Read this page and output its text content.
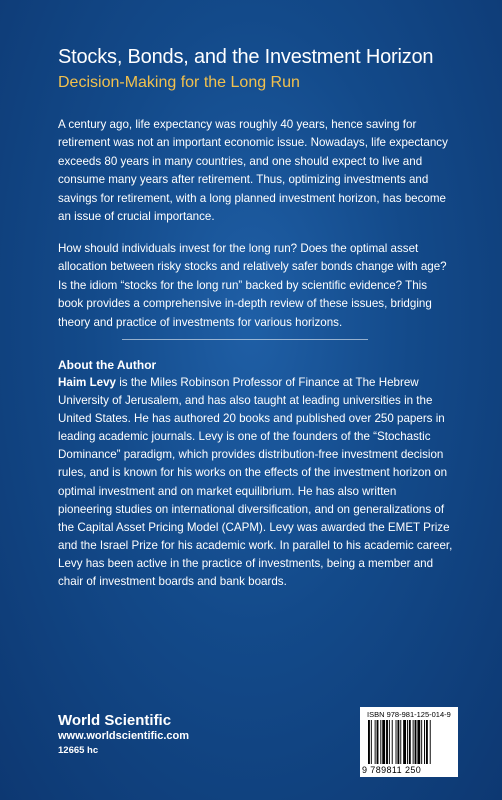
Stocks, Bonds, and the Investment Horizon
Decision-Making for the Long Run

A century ago, life expectancy was roughly 40 years, hence saving for retirement was not an important economic issue. Nowadays, life expectancy exceeds 80 years in many countries, and one should expect to live and consume many years after retirement. Thus, optimizing investments and savings for retirement, with a long planned investment horizon, has become an issue of crucial importance.

How should individuals invest for the long run? Does the optimal asset allocation between risky stocks and relatively safer bonds change with age? Is the idiom “stocks for the long run” backed by scientific evidence? This book provides a comprehensive in-depth review of these issues, bridging theory and practice of investments for various horizons.

About the Author

Haim Levy is the Miles Robinson Professor of Finance at The Hebrew University of Jerusalem, and has also taught at leading universities in the United States. He has authored 20 books and published over 250 papers in leading academic journals. Levy is one of the founders of the “Stochastic Dominance” paradigm, which provides distribution-free investment decision rules, and is known for his works on the effects of the investment horizon on optimal investment and on market equilibrium. He has also written pioneering studies on international diversification, and on generalizations of the Capital Asset Pricing Model (CAPM). Levy was awarded the EMET Prize and the Israel Prize for his academic work. In parallel to his academic career, Levy has been active in the practice of investments, being a member and chair of investment boards and bank boards.

World Scientific
www.worldscientific.com
12665 hc
ISBN 978-981-125-014-9
9 789811 250
